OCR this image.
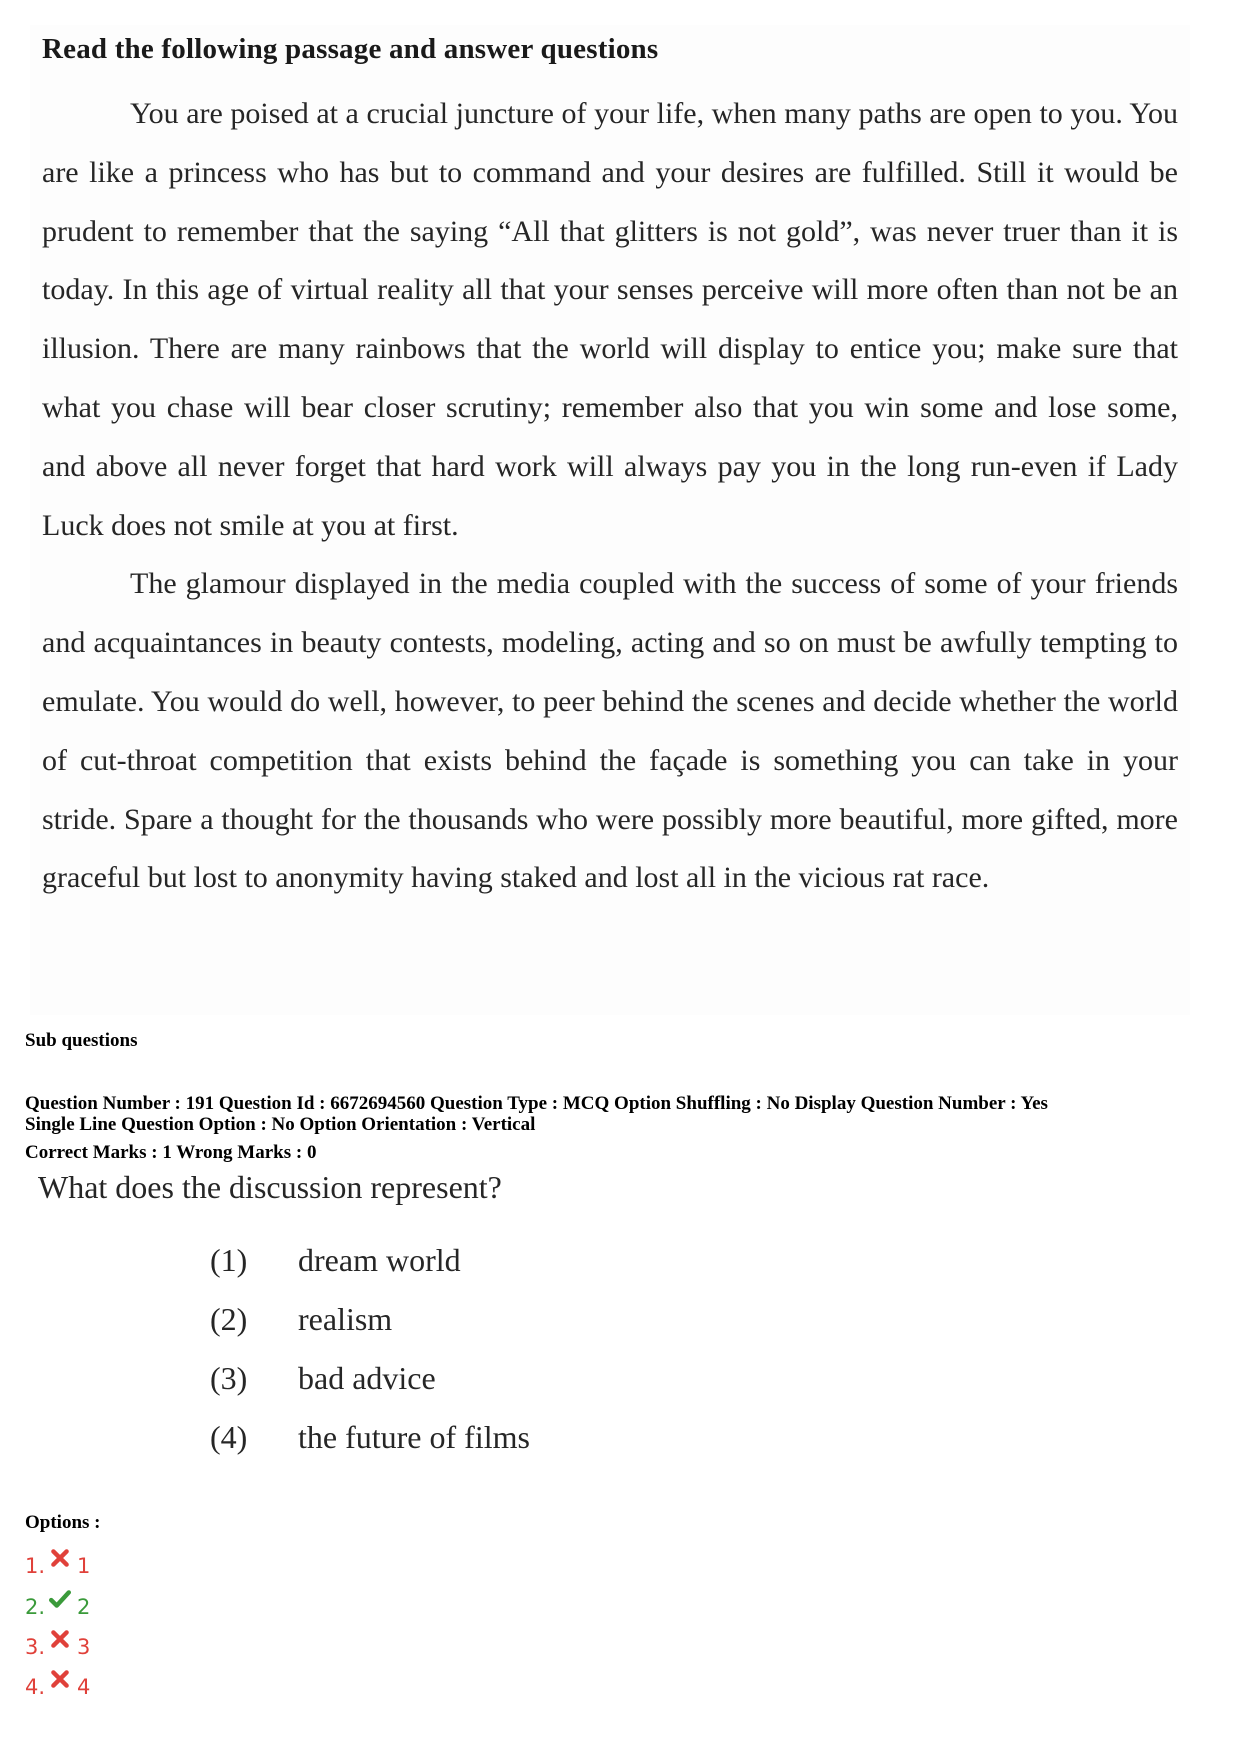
Read the following passage and answer questions

You are poised at a crucial juncture of your life, when many paths are open to you. You are like a princess who has but to command and your desires are fulfilled. Still it would be prudent to remember that the saying “All that glitters is not gold”, was never truer than it is today. In this age of virtual reality all that your senses perceive will more often than not be an illusion. There are many rainbows that the world will display to entice you; make sure that what you chase will bear closer scrutiny; remember also that you win some and lose some, and above all never forget that hard work will always pay you in the long run-even if Lady Luck does not smile at you at first.

The glamour displayed in the media coupled with the success of some of your friends and acquaintances in beauty contests, modeling, acting and so on must be awfully tempting to emulate. You would do well, however, to peer behind the scenes and decide whether the world of cut-throat competition that exists behind the façade is something you can take in your stride. Spare a thought for the thousands who were possibly more beautiful, more gifted, more graceful but lost to anonymity having staked and lost all in the vicious rat race.

Sub questions
Question Number : 191 Question Id : 6672694560 Question Type : MCQ Option Shuffling : No Display Question Number : Yes
Single Line Question Option : No Option Orientation : Vertical
Correct Marks : 1 Wrong Marks : 0
What does the discussion represent?
(1) dream world
(2) realism
(3) bad advice
(4) the future of films
Options :
1. 1
2. 2
3. 3
4. 4
